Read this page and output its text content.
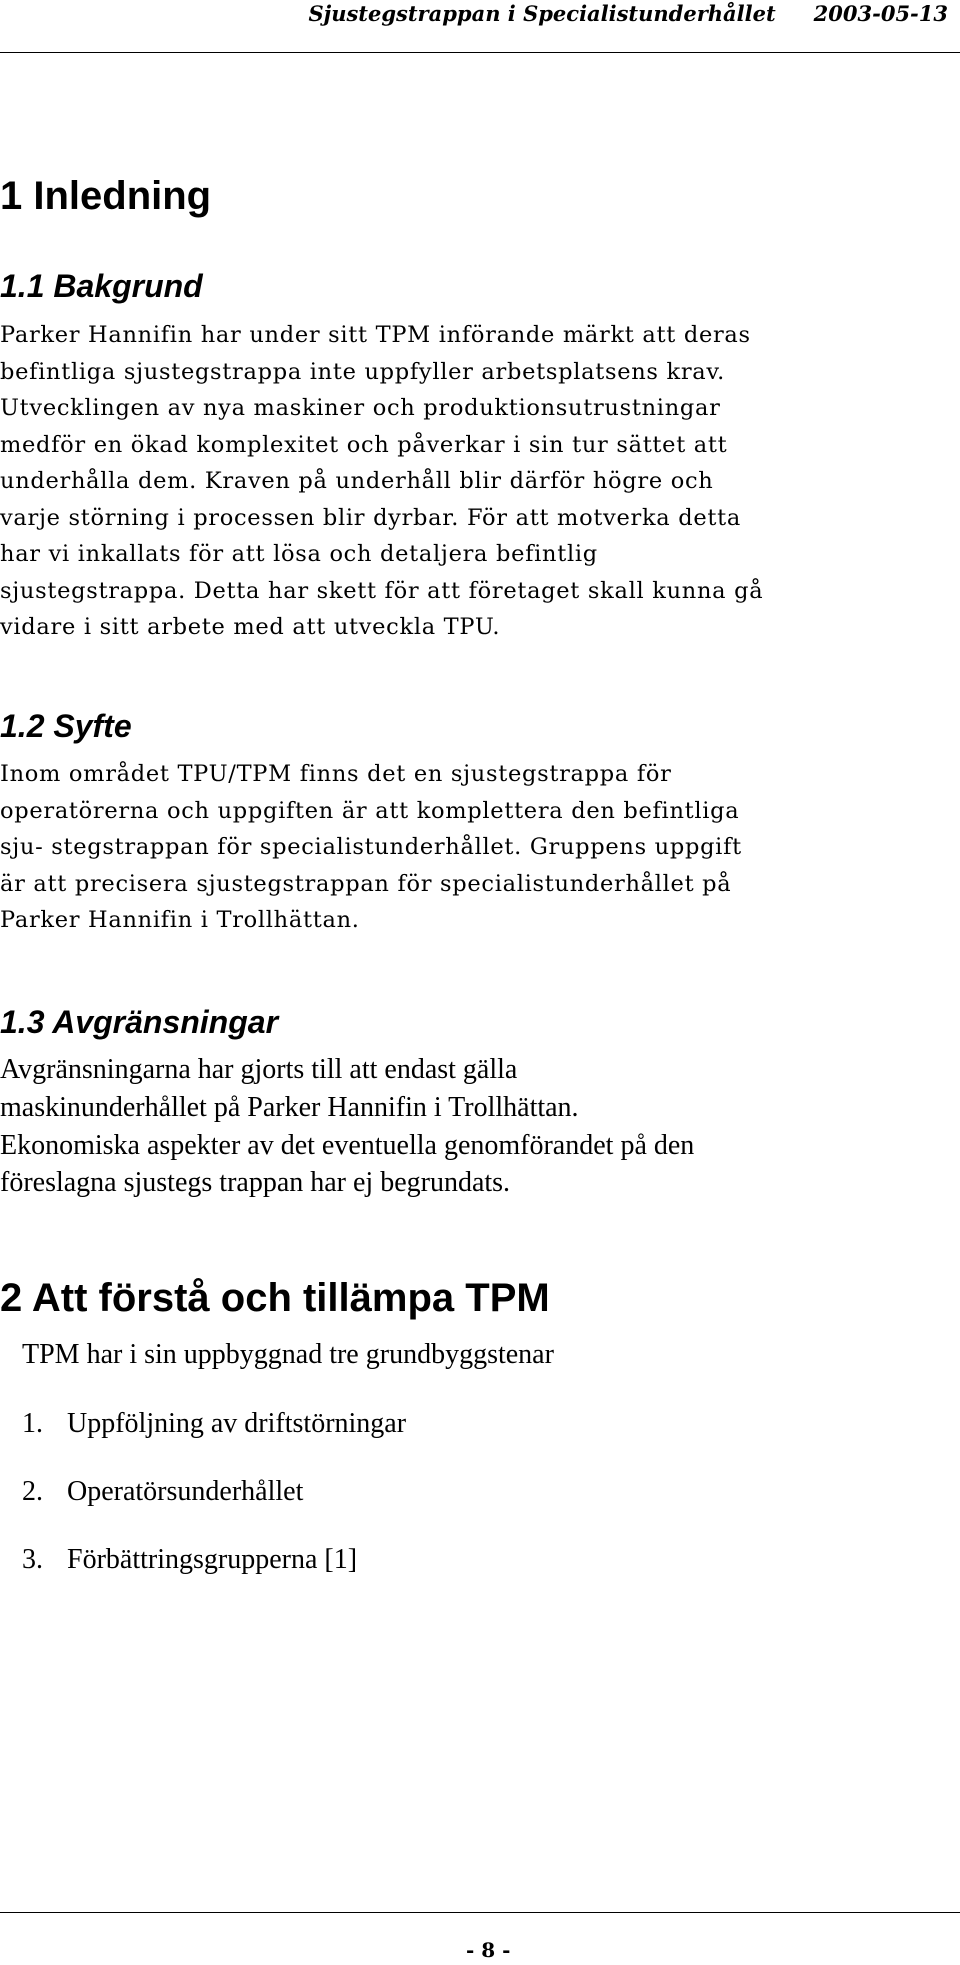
Sjustegstrappan i Specialistunderhållet 2003-05-13
1 Inledning
1.1 Bakgrund

Parker Hannifin har under sitt TPM införande märkt att deras
befintliga sjustegstrappa inte uppfyller arbetsplatsens krav.
Utvecklingen av nya maskiner och produktionsutrustningar
medför en ökad komplexitet och påverkar i sin tur sättet att
underhålla dem. Kraven på underhåll blir därför högre och
varje störning i processen blir dyrbar. För att motverka detta
har vi inkallats för att lösa och detaljera befintlig
sjustegstrappa. Detta har skett för att företaget skall kunna gå
vidare i sitt arbete med att utveckla TPU.

1.2 Syfte

Inom området TPU/TPM finns det en sjustegstrappa för
operatörerna och uppgiften är att komplettera den befintliga
sju- stegstrappan för specialistunderhållet. Gruppens uppgift
är att precisera sjustegstrappan för specialistunderhållet på
Parker Hannifin i Trollhättan.

1.3 Avgränsningar

Avgränsningarna har gjorts till att endast gälla
maskinunderhållet på Parker Hannifin i Trollhättan.
Ekonomiska aspekter av det eventuella genomförandet på den
föreslagna sjustegs trappan har ej begrundats.

2 Att förstå och tillämpa TPM
TPM har i sin uppbyggnad tre grundbyggstenar
1. Uppföljning av driftstörningar
2. Operatörsunderhållet
3. Förbättringsgrupperna [1]
- 8 -
